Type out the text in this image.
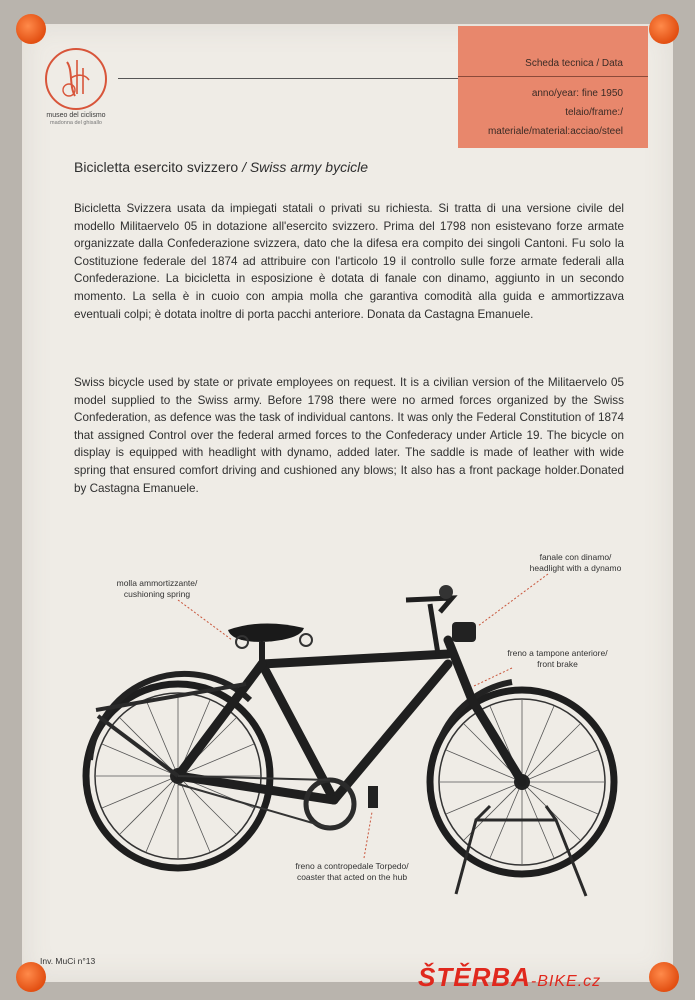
museo del ciclismo
madonna del ghisallo
Scheda tecnica / Data
anno/year: fine 1950
telaio/frame:/
materiale/material:acciao/steel
Bicicletta esercito svizzero / Swiss army bycicle
Bicicletta Svizzera usata da impiegati statali o privati su richiesta. Si tratta di una versione civile del modello Militaervelo 05 in dotazione all'esercito svizzero. Prima del 1798 non esistevano forze armate organizzate dalla Confederazione svizzera, dato che la difesa era compito dei singoli Cantoni. Fu solo la Costituzione federale del 1874 ad attribuire con l'articolo 19 il controllo sulle forze armate federali alla Confederazione. La bicicletta in esposizione è dotata di fanale con dinamo, aggiunto in un secondo momento. La sella è in cuoio con ampia molla che garantiva comodità alla guida e ammortizzava eventuali colpi; è dotata inoltre di porta pacchi anteriore. Donata da Castagna Emanuele.
Swiss bicycle used by state or private employees on request. It is a civilian version of the Militaervelo 05 model supplied to the Swiss army. Before 1798 there were no armed forces organized by the Swiss Confederation, as defence was the task of individual cantons. It was only the Federal Constitution of 1874 that assigned Control over the federal armed forces to the Confederacy under Article 19. The bicycle on display is equipped with headlight with dynamo, added later. The saddle is made of leather with wide spring that ensured comfort driving and cushioned any blows; It also has a front package holder.Donated by Castagna Emanuele.
molla ammortizzante/
cushioning spring
fanale con dinamo/
headlight with a dynamo
freno a tampone anteriore/
front brake
freno a contropedale Torpedo/
coaster that acted on the hub
Inv. MuCi n°13
ŠTĚRBA-BIKE.cz
